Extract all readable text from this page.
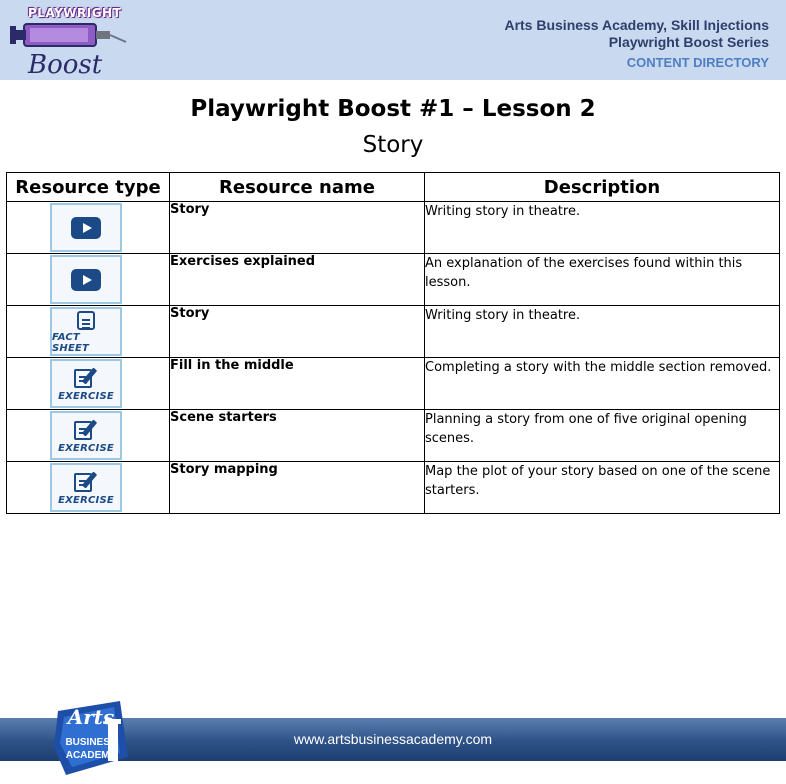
PLAYWRIGHT
Boost
Arts Business Academy, Skill Injections
Playwright Boost Series
CONTENT DIRECTORY
Playwright Boost #1 – Lesson 2
Story
Resource type	Resource name	Description

	Story	Writing story in theatre.

	Exercises explained	An explanation of the exercises found within this lesson.

FACT SHEET	Story	Writing story in theatre.

EXERCISE	Fill in the middle	Completing a story with the middle section removed.

EXERCISE	Scene starters	Planning a story from one of five original opening scenes.

EXERCISE	Story mapping	Map the plot of your story based on one of the scene starters.
www.artsbusinessacademy.com
Arts
BUSINESS
ACADEMY
